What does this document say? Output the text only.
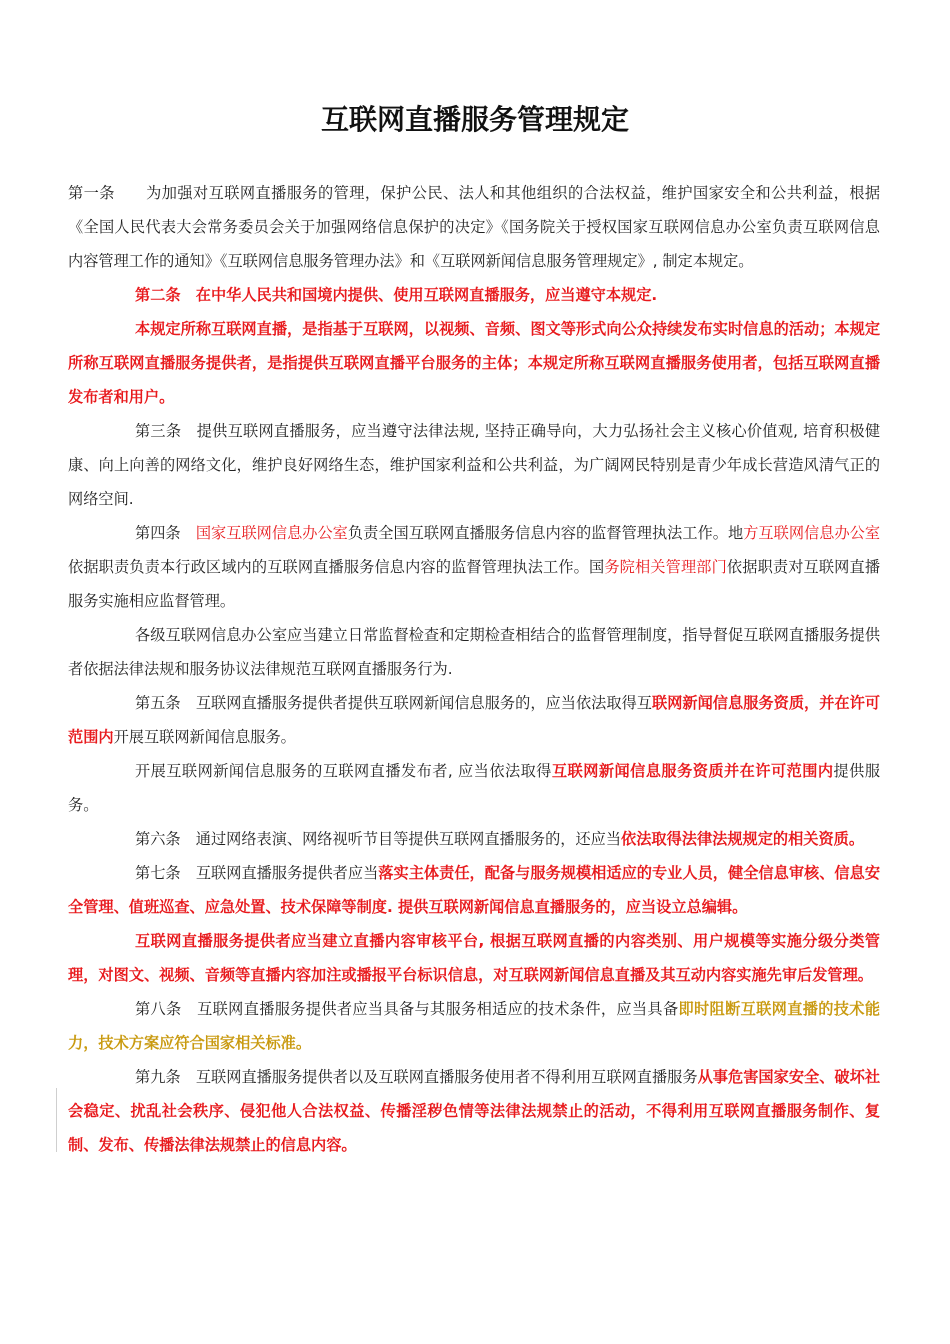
互联网直播服务管理规定

第一条　　 为加强对互联网直播服务的管理，保护公民、法人和其他组织的合法权益，维护国家安全和公共利益，根据《全国人民代表大会常务委员会关于加强网络信息保护的决定》《国务院关于授权国家互联网信息办公室负责互联网信息内容管理工作的通知》《互联网信息服务管理办法》和《互联网新闻信息服务管理规定》, 制定本规定。

第二条　 在中华人民共和国境内提供、使用互联网直播服务，应当遵守本规定.

本规定所称互联网直播，是指基于互联网，以视频、音频、图文等形式向公众持续发布实时信息的活动；本规定所称互联网直播服务提供者，是指提供互联网直播平台服务的主体；本规定所称互联网直播服务使用者，包括互联网直播发布者和用户。

第三条　 提供互联网直播服务，应当遵守法律法规, 坚持正确导向，大力弘扬社会主义核心价值观, 培育积极健康、向上向善的网络文化，维护良好网络生态，维护国家利益和公共利益，为广阔网民特别是青少年成长营造风清气正的网络空间.

第四条　 国家互联网信息办公室负责全国互联网直播服务信息内容的监督管理执法工作。地方互联网信息办公室依据职责负责本行政区域内的互联网直播服务信息内容的监督管理执法工作。国务院相关管理部门依据职责对互联网直播服务实施相应监督管理。

各级互联网信息办公室应当建立日常监督检查和定期检查相结合的监督管理制度，指导督促互联网直播服务提供者依据法律法规和服务协议法律规范互联网直播服务行为.

第五条　 互联网直播服务提供者提供互联网新闻信息服务的，应当依法取得互联网新闻信息服务资质，并在许可范围内开展互联网新闻信息服务。

开展互联网新闻信息服务的互联网直播发布者, 应当依法取得互联网新闻信息服务资质并在许可范围内提供服务。

第六条　 通过网络表演、网络视听节目等提供互联网直播服务的，还应当依法取得法律法规规定的相关资质。

第七条　 互联网直播服务提供者应当落实主体责任，配备与服务规模相适应的专业人员，健全信息审核、信息安全管理、值班巡查、应急处置、技术保障等制度. 提供互联网新闻信息直播服务的，应当设立总编辑。

互联网直播服务提供者应当建立直播内容审核平台, 根据互联网直播的内容类别、用户规模等实施分级分类管理，对图文、视频、音频等直播内容加注或播报平台标识信息，对互联网新闻信息直播及其互动内容实施先审后发管理。

第八条　 互联网直播服务提供者应当具备与其服务相适应的技术条件，应当具备即时阻断互联网直播的技术能力，技术方案应符合国家相关标准。

第九条　 互联网直播服务提供者以及互联网直播服务使用者不得利用互联网直播服务从事危害国家安全、破坏社会稳定、扰乱社会秩序、侵犯他人合法权益、传播淫秽色情等法律法规禁止的活动，不得利用互联网直播服务制作、复制、发布、传播法律法规禁止的信息内容。
